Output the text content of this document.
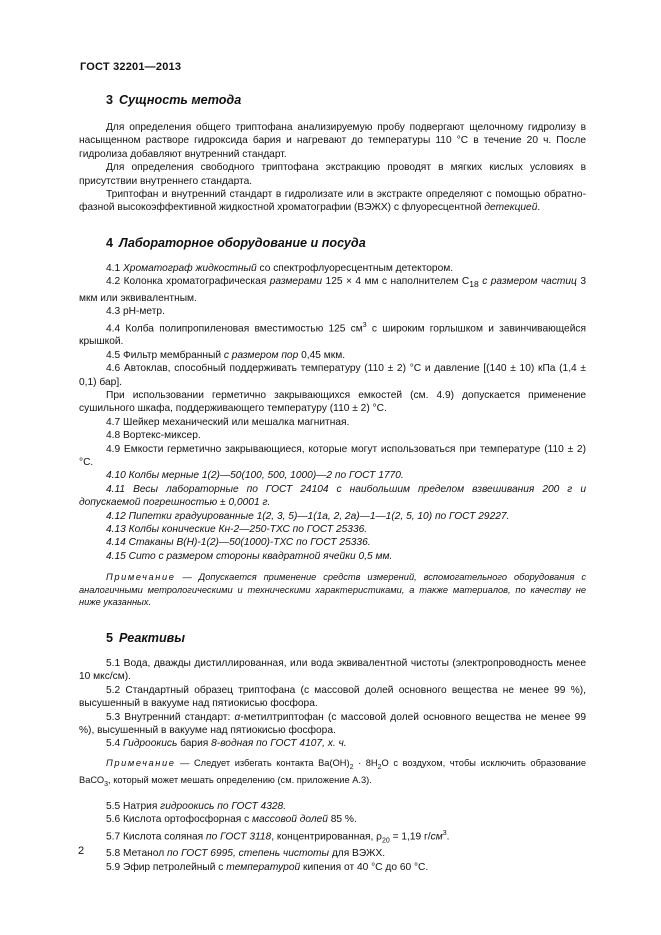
ГОСТ 32201—2013
3 Сущность метода

Для определения общего триптофана анализируемую пробу подвергают щелочному гидролизу в насыщенном растворе гидроксида бария и нагревают до температуры 110 °С в течение 20 ч. После гидролиза добавляют внутренний стандарт.

Для определения свободного триптофана экстракцию проводят в мягких кислых условиях в присутствии внутреннего стандарта.

Триптофан и внутренний стандарт в гидролизате или в экстракте определяют с помощью обратно-фазной высокоэффективной жидкостной хроматографии (ВЭЖХ) с флуоресцентной детекцией.

4 Лабораторное оборудование и посуда

4.1 Хроматограф жидкостный со спектрофлуоресцентным детектором.

4.2 Колонка хроматографическая размерами 125 × 4 мм с наполнителем $C_{18}$ с размером частиц 3 мкм или эквивалентным.

4.3 рН-метр.

4.4 Колба полипропиленовая вместимостью 125 $см^3$ с широким горлышком и завинчивающейся крышкой.

4.5 Фильтр мембранный с размером пор 0,45 мкм.

4.6 Автоклав, способный поддерживать температуру (110 ± 2) °С и давление [(140 ± 10) кПа (1,4 ± 0,1) бар].

При использовании герметично закрывающихся емкостей (см. 4.9) допускается применение сушильного шкафа, поддерживающего температуру (110 ± 2) °С.

4.7 Шейкер механический или мешалка магнитная.

4.8 Вортекс-миксер.

4.9 Емкости герметично закрывающиеся, которые могут использоваться при температуре (110 ± 2) °С.

4.10 Колбы мерные 1(2)—50(100, 500, 1000)—2 по ГОСТ 1770.

4.11 Весы лабораторные по ГОСТ 24104 с наибольшим пределом взвешивания 200 г и допускаемой погрешностью ± 0,0001 г.

4.12 Пипетки градуированные 1(2, 3, 5)—1(1а, 2, 2а)—1—1(2, 5, 10) по ГОСТ 29227.

4.13 Колбы конические Кн-2—250-ТХС по ГОСТ 25336.

4.14 Стаканы В(Н)-1(2)—50(1000)-ТХС по ГОСТ 25336.

4.15 Сито с размером стороны квадратной ячейки 0,5 мм.

Примечание — Допускается применение средств измерений, вспомогательного оборудования с аналогичными метрологическими и техническими характеристиками, а также материалов, по качеству не ниже указанных.

5 Реактивы

5.1 Вода, дважды дистиллированная, или вода эквивалентной чистоты (электропроводность менее 10 мкс/см).

5.2 Стандартный образец триптофана (с массовой долей основного вещества не менее 99 %), высушенный в вакууме над пятиокисью фосфора.

5.3 Внутренний стандарт: α-метилтриптофан (с массовой долей основного вещества не менее 99 %), высушенный в вакууме над пятиокисью фосфора.

5.4 Гидроокись бария 8-водная по ГОСТ 4107, х. ч.

Примечание — Следует избегать контакта $Ва(ОН)_2 \cdot 8Н_2О$ с воздухом, чтобы исключить образование ВаСО$_3$, который может мешать определению (см. приложение А.3).

5.5 Натрия гидроокись по ГОСТ 4328.

5.6 Кислота ортофосфорная с массовой долей 85 %.

5.7 Кислота соляная по ГОСТ 3118, концентрированная, $\rho_{20} = 1,19$ $г/см^3$.

5.8 Метанол по ГОСТ 6995, степень чистоты для ВЭЖХ.

5.9 Эфир петролейный с температурой кипения от 40 °С до 60 °С.

2
